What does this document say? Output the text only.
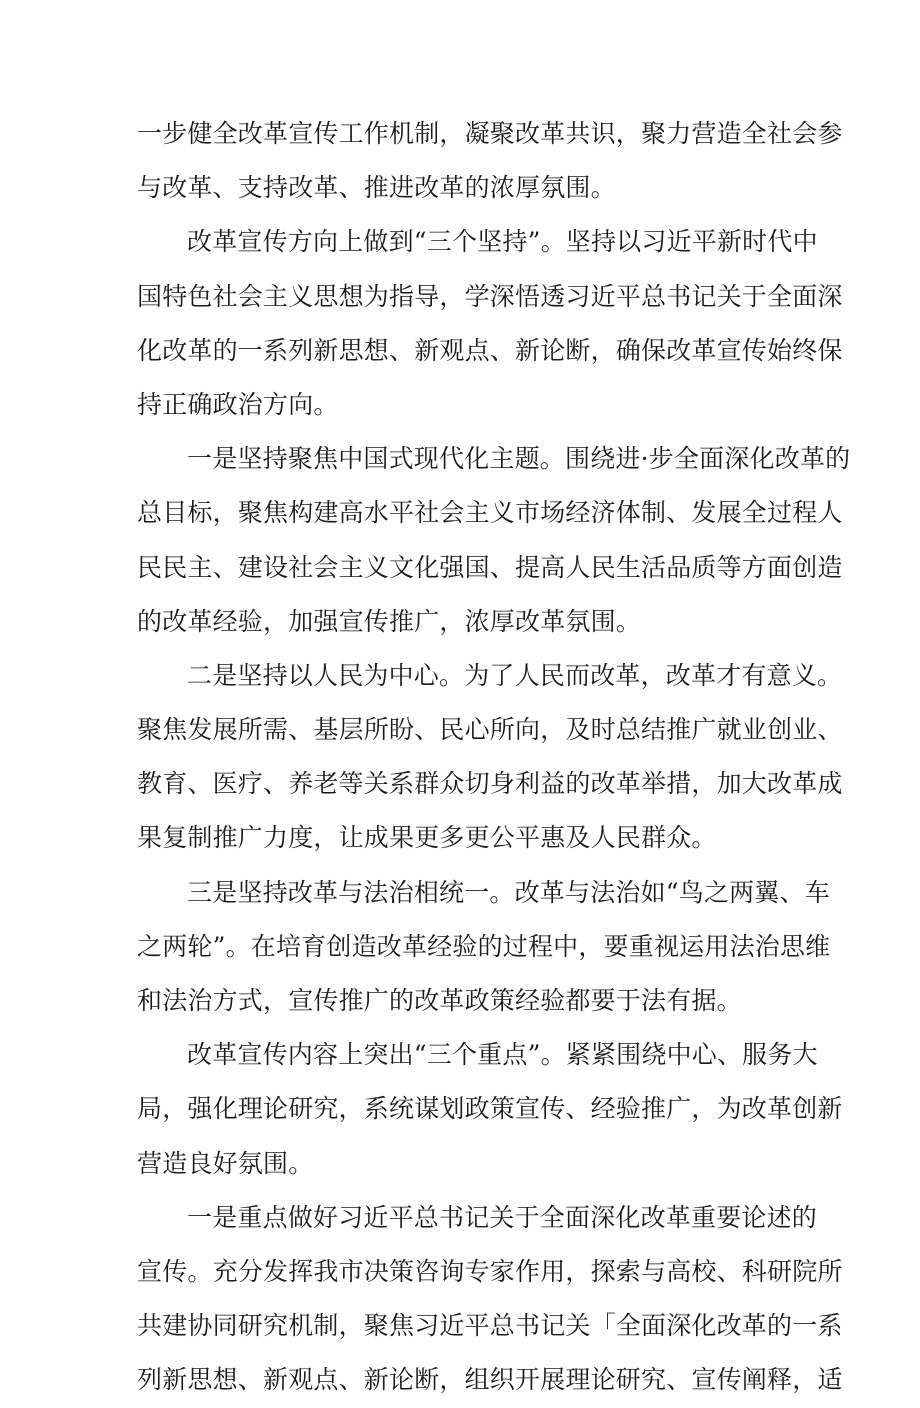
一步健全改革宣传工作机制，凝聚改革共识，聚力营造全社会参
与改革、支持改革、推进改革的浓厚氛围。
改革宣传方向上做到“三个坚持”。坚持以习近平新时代中
国特色社会主义思想为指导，学深悟透习近平总书记关于全面深
化改革的一系列新思想、新观点、新论断，确保改革宣传始终保
持正确政治方向。
一是坚持聚焦中国式现代化主题。围绕进·步全面深化改革的
总目标，聚焦构建高水平社会主义市场经济体制、发展全过程人
民民主、建设社会主义文化强国、提高人民生活品质等方面创造
的改革经验，加强宣传推广，浓厚改革氛围。
二是坚持以人民为中心。为了人民而改革，改革才有意义。
聚焦发展所需、基层所盼、民心所向，及时总结推广就业创业、
教育、医疗、养老等关系群众切身利益的改革举措，加大改革成
果复制推广力度，让成果更多更公平惠及人民群众。
三是坚持改革与法治相统一。改革与法治如“鸟之两翼、车
之两轮”。在培育创造改革经验的过程中，要重视运用法治思维
和法治方式，宣传推广的改革政策经验都要于法有据。
改革宣传内容上突出“三个重点”。紧紧围绕中心、服务大
局，强化理论研究，系统谋划政策宣传、经验推广，为改革创新
营造良好氛围。
一是重点做好习近平总书记关于全面深化改革重要论述的
宣传。充分发挥我市决策咨询专家作用，探索与高校、科研院所
共建协同研究机制，聚焦习近平总书记关「全面深化改革的一系
列新思想、新观点、新论断，组织开展理论研究、宣传阐释，适
